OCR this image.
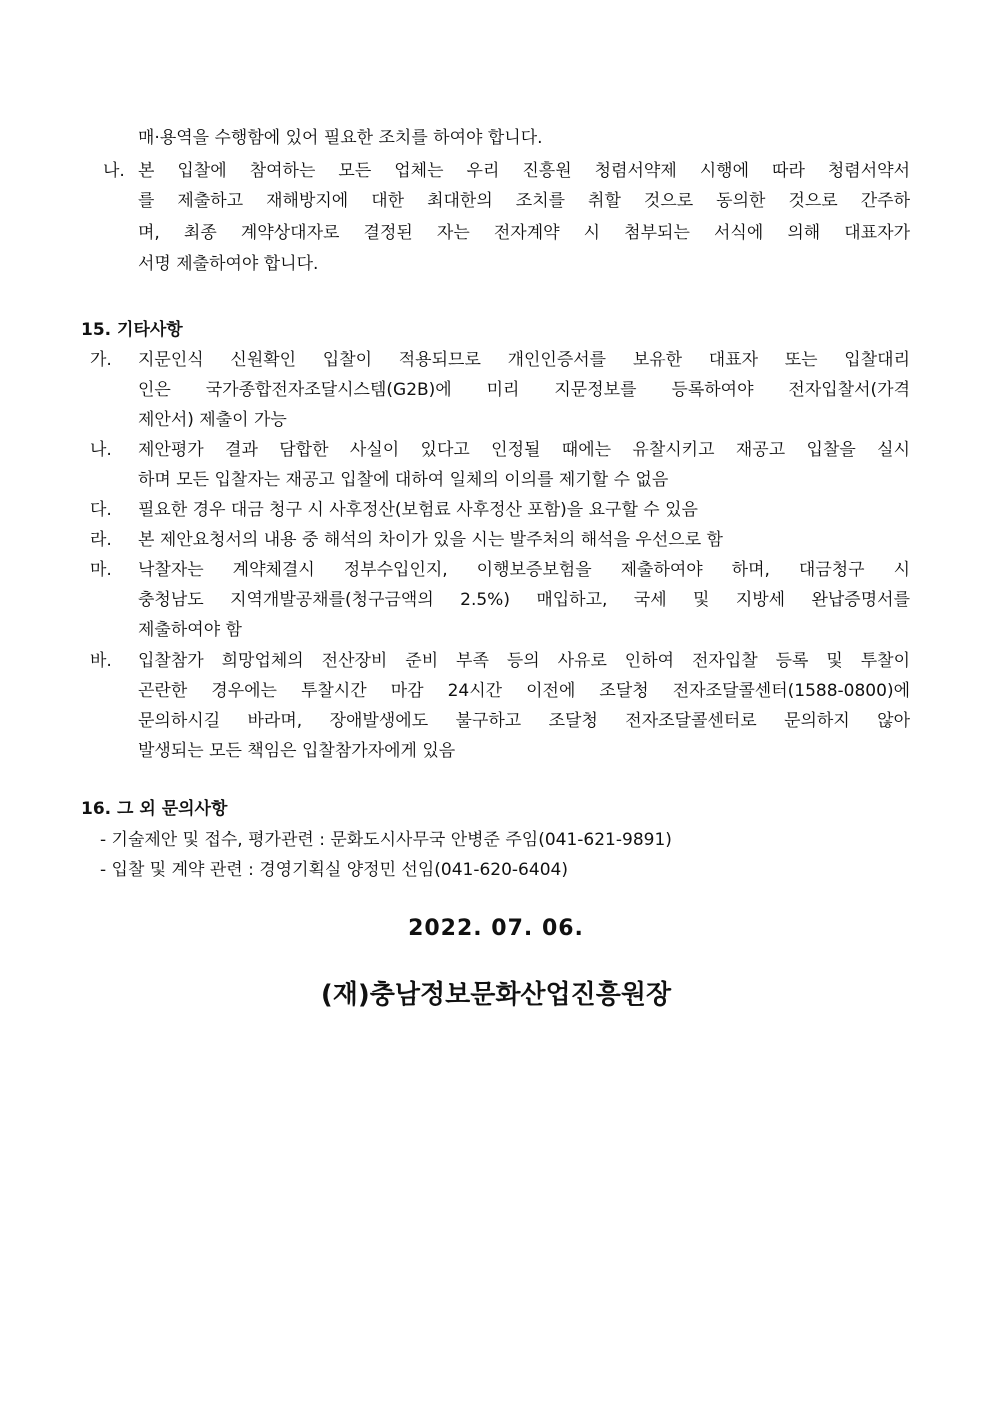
매·용역을 수행함에 있어 필요한 조치를 하여야 합니다.
나. 본 입찰에 참여하는 모든 업체는 우리 진흥원 청렴서약제 시행에 따라 청렴서약서
를 제출하고 재해방지에 대한 최대한의 조치를 취할 것으로 동의한 것으로 간주하
며, 최종 계약상대자로 결정된 자는 전자계약 시 첨부되는 서식에 의해 대표자가
서명 제출하여야 합니다.
15. 기타사항
가. 지문인식 신원확인 입찰이 적용되므로 개인인증서를 보유한 대표자 또는 입찰대리
인은 국가종합전자조달시스템(G2B)에 미리 지문정보를 등록하여야 전자입찰서(가격
제안서) 제출이 가능
나. 제안평가 결과 담합한 사실이 있다고 인정될 때에는 유찰시키고 재공고 입찰을 실시
하며 모든 입찰자는 재공고 입찰에 대하여 일체의 이의를 제기할 수 없음
다. 필요한 경우 대금 청구 시 사후정산(보험료 사후정산 포함)을 요구할 수 있음
라. 본 제안요청서의 내용 중 해석의 차이가 있을 시는 발주처의 해석을 우선으로 함
마. 낙찰자는 계약체결시 정부수입인지, 이행보증보험을 제출하여야 하며, 대금청구 시
충청남도 지역개발공채를(청구금액의 2.5%) 매입하고, 국세 및 지방세 완납증명서를
제출하여야 함
바. 입찰참가 희망업체의 전산장비 준비 부족 등의 사유로 인하여 전자입찰 등록 및 투찰이
곤란한 경우에는 투찰시간 마감 24시간 이전에 조달청 전자조달콜센터(1588-0800)에
문의하시길 바라며, 장애발생에도 불구하고 조달청 전자조달콜센터로 문의하지 않아
발생되는 모든 책임은 입찰참가자에게 있음
16. 그 외 문의사항
- 기술제안 및 접수, 평가관련 : 문화도시사무국 안병준 주임(041-621-9891)
- 입찰 및 계약 관련 : 경영기획실 양정민 선임(041-620-6404)
2022. 07. 06.
(재)충남정보문화산업진흥원장
